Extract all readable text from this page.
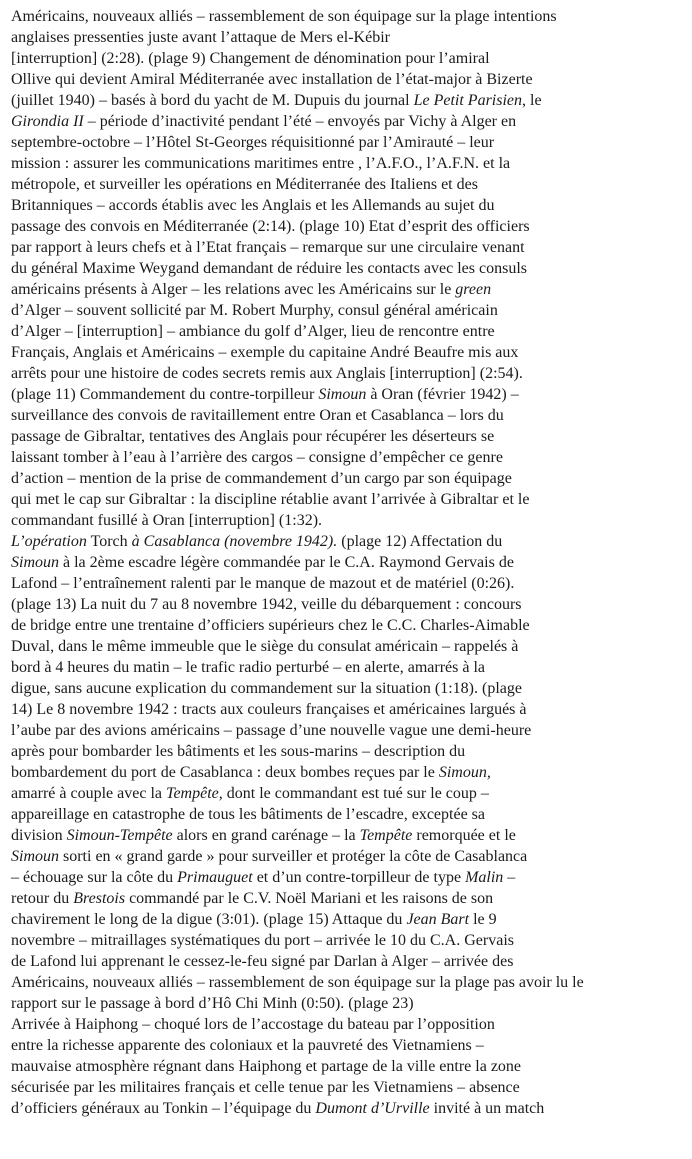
Américains, nouveaux alliés – rassemblement de son équipage sur la plage intentions
anglaises pressenties juste avant l’attaque de Mers el-Kébir
[interruption] (2:28). (plage 9) Changement de dénomination pour l’amiral
Ollive qui devient Amiral Méditerranée avec installation de l’état-major à Bizerte
(juillet 1940) – basés à bord du yacht de M. Dupuis du journal Le Petit Parisien, le
Girondia II – période d’inactivité pendant l’été – envoyés par Vichy à Alger en
septembre-octobre – l’Hôtel St-Georges réquisitionné par l’Amirauté – leur
mission : assurer les communications maritimes entre , l’A.F.O., l’A.F.N. et la
métropole, et surveiller les opérations en Méditerranée des Italiens et des
Britanniques – accords établis avec les Anglais et les Allemands au sujet du
passage des convois en Méditerranée (2:14). (plage 10) Etat d’esprit des officiers
par rapport à leurs chefs et à l’Etat français – remarque sur une circulaire venant
du général Maxime Weygand demandant de réduire les contacts avec les consuls
américains présents à Alger – les relations avec les Américains sur le green
d’Alger – souvent sollicité par M. Robert Murphy, consul général américain
d’Alger – [interruption] – ambiance du golf d’Alger, lieu de rencontre entre
Français, Anglais et Américains – exemple du capitaine André Beaufre mis aux
arrêts pour une histoire de codes secrets remis aux Anglais [interruption] (2:54).
(plage 11) Commandement du contre-torpilleur Simoun à Oran (février 1942) –
surveillance des convois de ravitaillement entre Oran et Casablanca – lors du
passage de Gibraltar, tentatives des Anglais pour récupérer les déserteurs se
laissant tomber à l’eau à l’arrière des cargos – consigne d’empêcher ce genre
d’action – mention de la prise de commandement d’un cargo par son équipage
qui met le cap sur Gibraltar : la discipline rétablie avant l’arrivée à Gibraltar et le
commandant fusillé à Oran [interruption] (1:32).
L’opération Torch à Casablanca (novembre 1942). (plage 12) Affectation du
Simoun à la 2ème escadre légère commandée par le C.A. Raymond Gervais de
Lafond – l’entraînement ralenti par le manque de mazout et de matériel (0:26).
(plage 13) La nuit du 7 au 8 novembre 1942, veille du débarquement : concours
de bridge entre une trentaine d’officiers supérieurs chez le C.C. Charles-Aimable
Duval, dans le même immeuble que le siège du consulat américain – rappelés à
bord à 4 heures du matin – le trafic radio perturbé – en alerte, amarrés à la
digue, sans aucune explication du commandement sur la situation (1:18). (plage
14) Le 8 novembre 1942 : tracts aux couleurs françaises et américaines largués à
l’aube par des avions américains – passage d’une nouvelle vague une demi-heure
après pour bombarder les bâtiments et les sous-marins – description du
bombardement du port de Casablanca : deux bombes reçues par le Simoun,
amarré à couple avec la Tempête, dont le commandant est tué sur le coup –
appareillage en catastrophe de tous les bâtiments de l’escadre, exceptée sa
division Simoun-Tempête alors en grand carénage – la Tempête remorquée et le
Simoun sorti en « grand garde » pour surveiller et protéger la côte de Casablanca
– échouage sur la côte du Primauguet et d’un contre-torpilleur de type Malin –
retour du Brestois commandé par le C.V. Noël Mariani et les raisons de son
chavirement le long de la digue (3:01). (plage 15) Attaque du Jean Bart le 9
novembre – mitraillages systématiques du port – arrivée le 10 du C.A. Gervais
de Lafond lui apprenant le cessez-le-feu signé par Darlan à Alger – arrivée des
Américains, nouveaux alliés – rassemblement de son équipage sur la plage pas avoir lu le
rapport sur le passage à bord d’Hô Chi Minh (0:50). (plage 23)
Arrivée à Haiphong – choqué lors de l’accostage du bateau par l’opposition
entre la richesse apparente des coloniaux et la pauvreté des Vietnamiens –
mauvaise atmosphère régnant dans Haiphong et partage de la ville entre la zone
sécurisée par les militaires français et celle tenue par les Vietnamiens – absence
d’officiers généraux au Tonkin – l’équipage du Dumont d’Urville invité à un match
